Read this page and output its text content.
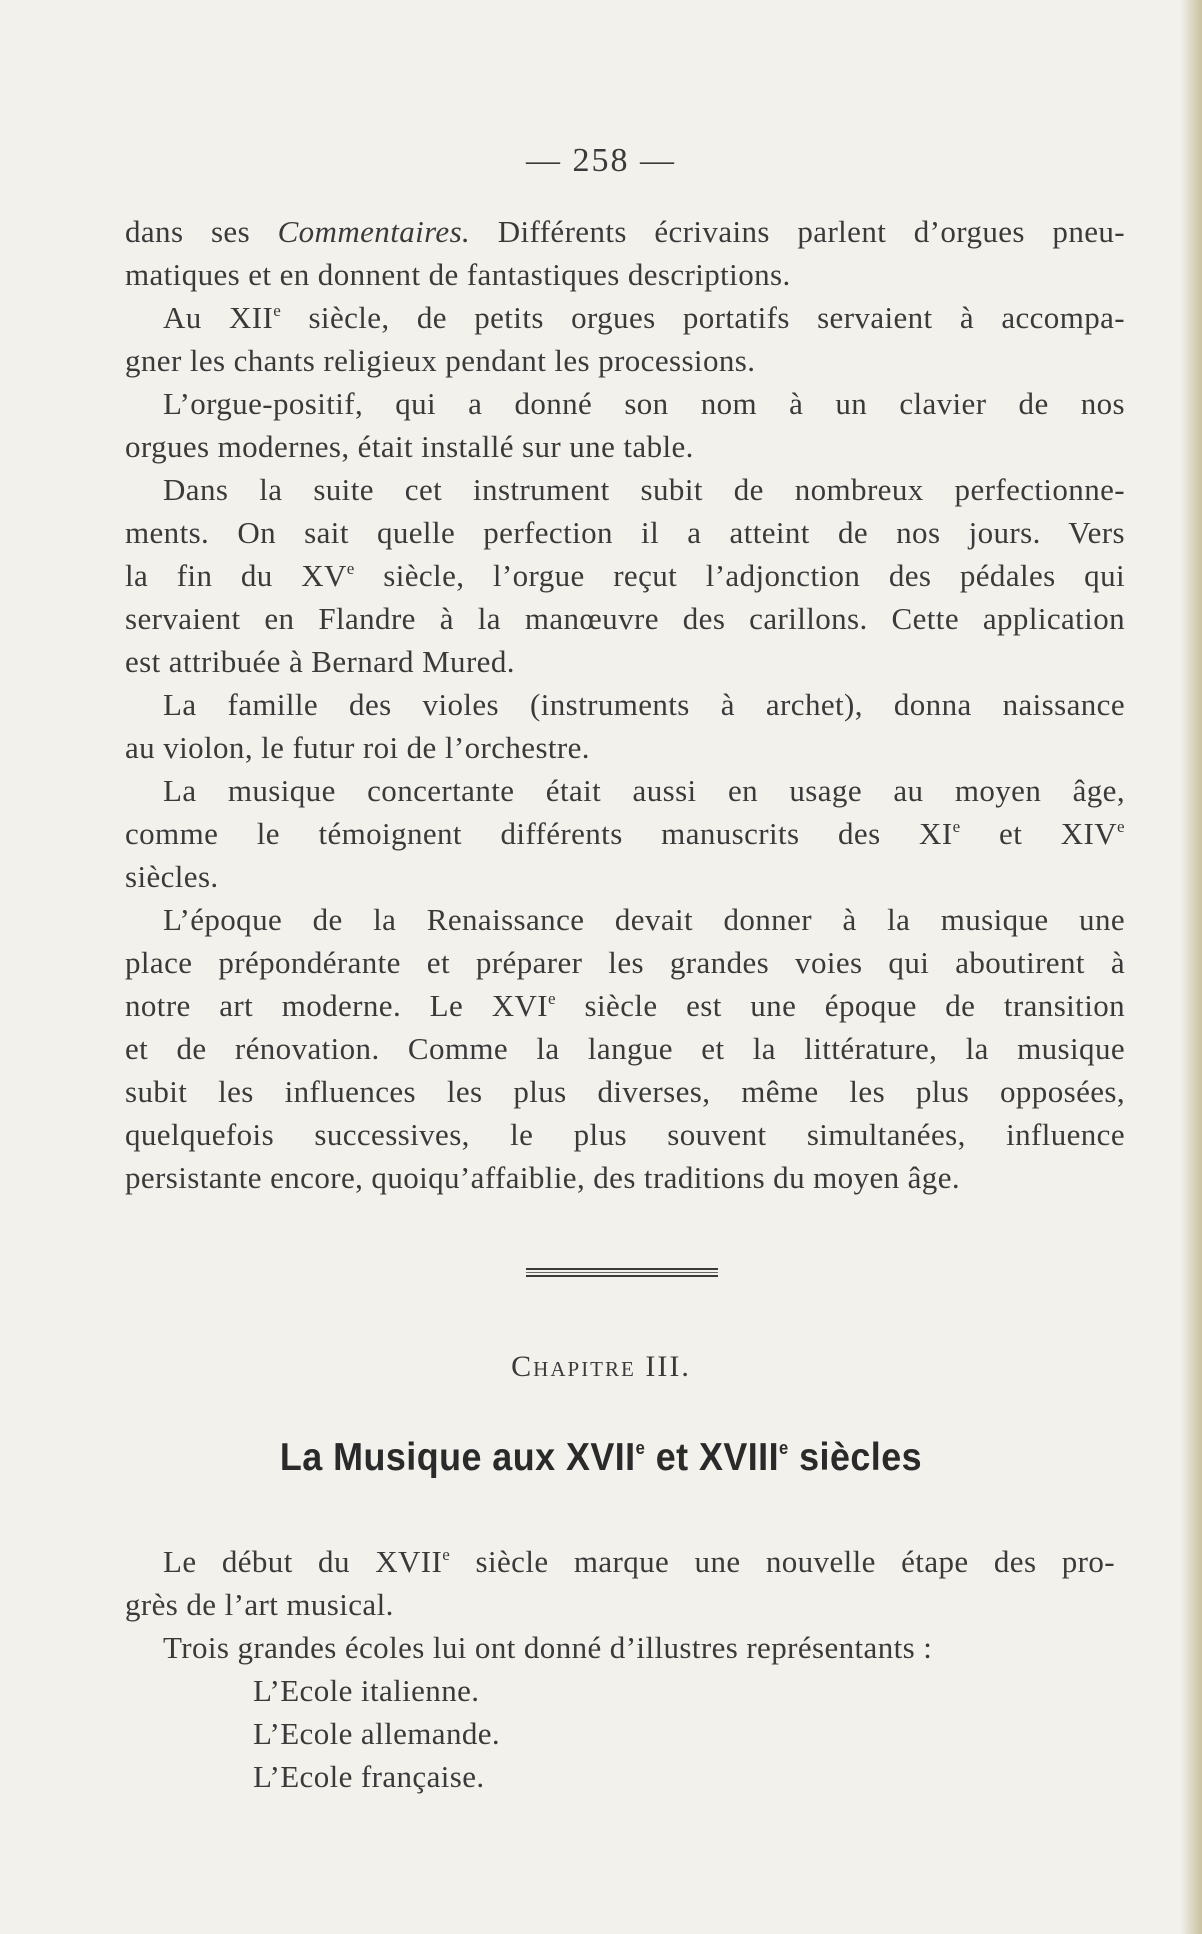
— 258 —
dans ses Commentaires. Différents écrivains parlent d’orgues pneu-
matiques et en donnent de fantastiques descriptions.
Au XIIe siècle, de petits orgues portatifs servaient à accompa-
gner les chants religieux pendant les processions.
L’orgue-positif, qui a donné son nom à un clavier de nos
orgues modernes, était installé sur une table.
Dans la suite cet instrument subit de nombreux perfectionne-
ments. On sait quelle perfection il a atteint de nos jours. Vers
la fin du XVe siècle, l’orgue reçut l’adjonction des pédales qui
servaient en Flandre à la manœuvre des carillons. Cette application
est attribuée à Bernard Mured.
La famille des violes (instruments à archet), donna naissance
au violon, le futur roi de l’orchestre.
La musique concertante était aussi en usage au moyen âge,
comme le témoignent différents manuscrits des XIe et XIVe
siècles.
L’époque de la Renaissance devait donner à la musique une
place prépondérante et préparer les grandes voies qui aboutirent à
notre art moderne. Le XVIe siècle est une époque de transition
et de rénovation. Comme la langue et la littérature, la musique
subit les influences les plus diverses, même les plus opposées,
quelquefois successives, le plus souvent simultanées, influence
persistante encore, quoiqu’affaiblie, des traditions du moyen âge.
Chapitre III.
La Musique aux XVIIe et XVIIIe siècles
Le début du XVIIe siècle marque une nouvelle étape des pro-
grès de l’art musical.
Trois grandes écoles lui ont donné d’illustres représentants :
L’Ecole italienne.
L’Ecole allemande.
L’Ecole française.
